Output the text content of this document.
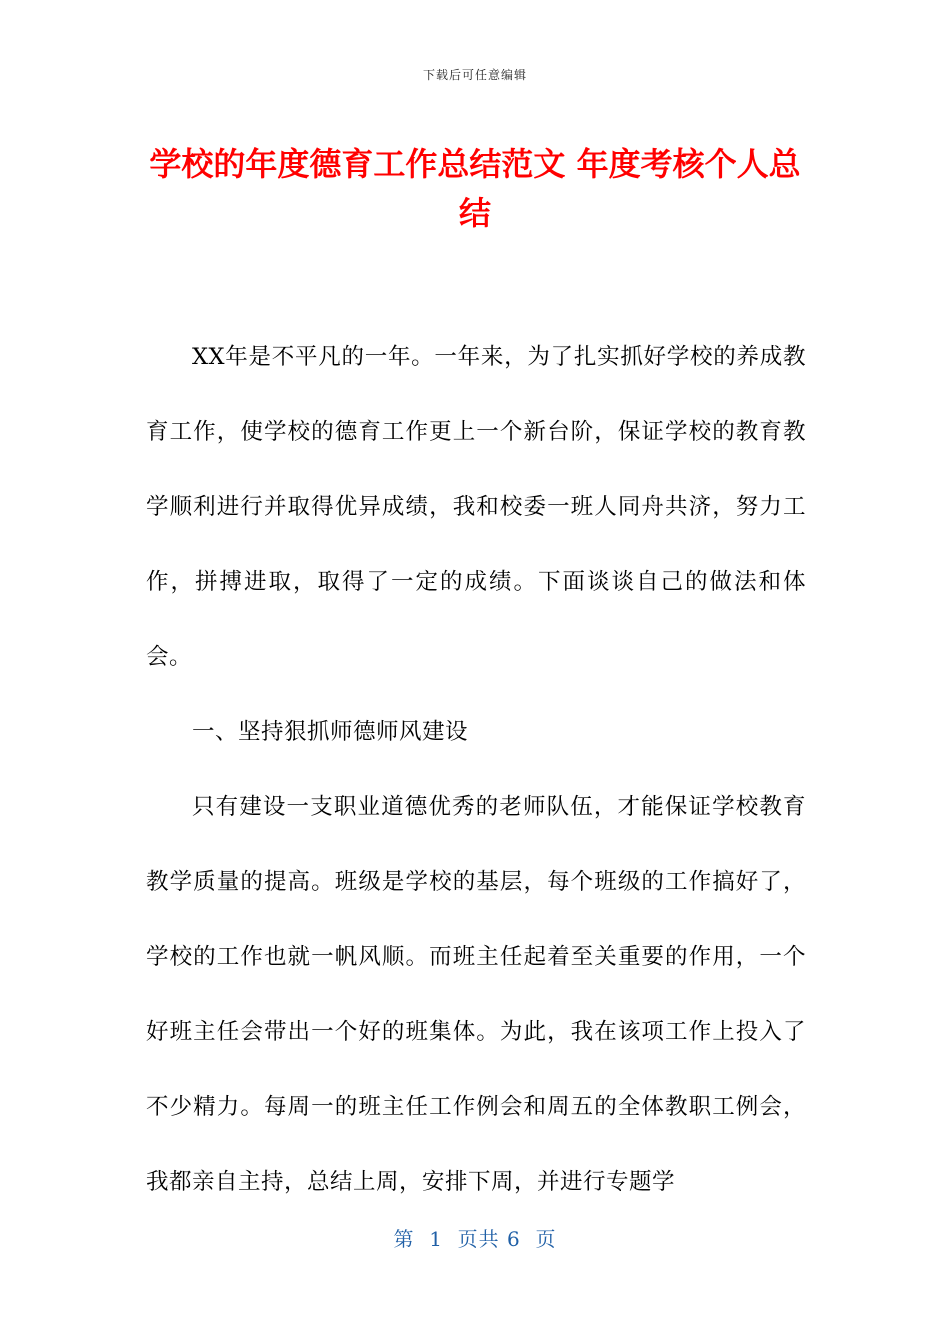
下载后可任意编辑
学校的年度德育工作总结范文 年度考核个人总结

XX年是不平凡的一年。一年来，为了扎实抓好学校的养成教育工作，使学校的德育工作更上一个新台阶，保证学校的教育教学顺利进行并取得优异成绩，我和校委一班人同舟共济，努力工作，拼搏进取，取得了一定的成绩。下面谈谈自己的做法和体会。

一、坚持狠抓师德师风建设

只有建设一支职业道德优秀的老师队伍，才能保证学校教育教学质量的提高。班级是学校的基层，每个班级的工作搞好了，学校的工作也就一帆风顺。而班主任起着至关重要的作用，一个好班主任会带出一个好的班集体。为此，我在该项工作上投入了不少精力。每周一的班主任工作例会和周五的全体教职工例会，我都亲自主持，总结上周，安排下周，并进行专题学

第  1  页共 6  页
